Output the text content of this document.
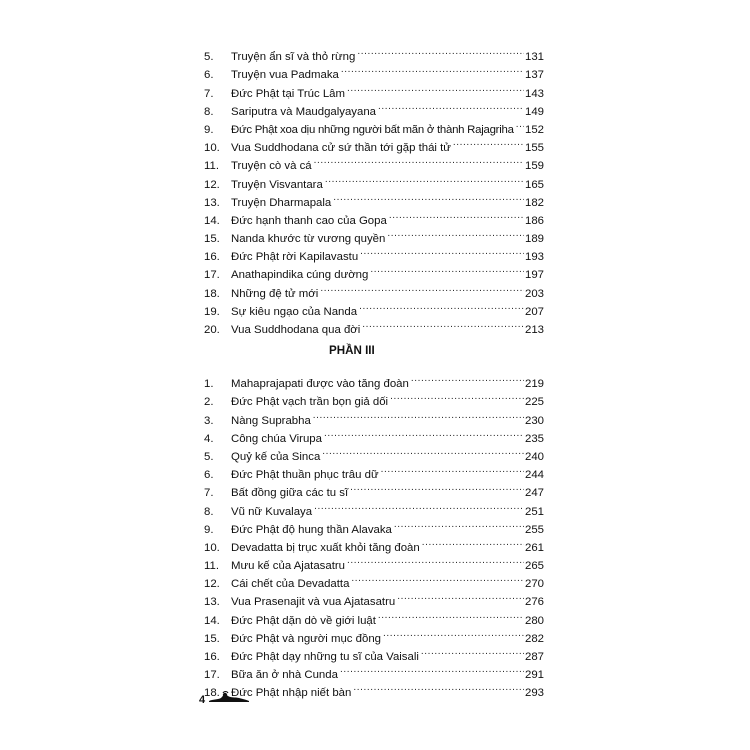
5.	Truyện ẩn sĩ và thỏ rừng .....	131
6.	Truyện vua Padmaka .....	137
7.	Đức Phật tại Trúc Lâm .....	143
8.	Sariputra và Maudgalyayana .....	149
9.	Đức Phật xoa dịu những người bất mãn ở thành Rajagriha ..... 152
10. Vua Suddhodana cử sứ thần tới gặp thái tử .....	155
11.	Truyện cò và cá .....	159
12. Truyện Visvantara .....	165
13. Truyện Dharmapala .....	182
14. Đức hạnh thanh cao của Gopa .....	186
15. Nanda khước từ vương quyền .....	189
16. Đức Phật rời Kapilavastu .....	193
17. Anathapindika cúng dường .....	197
18. Những đệ tử mới .....	203
19. Sự kiêu ngạo của Nanda .....	207
20. Vua Suddhodana qua đời .....	213
PHẦN III
1.	Mahaprajapati được vào tăng đoàn .....	219
2.	Đức Phật vạch trần bọn giả dối .....	225
3.	Nàng Suprabha .....	230
4.	Công chúa Virupa .....	235
5.	Quỷ kế của Sinca .....	240
6.	Đức Phật thuần phục trâu dữ .....	244
7.	Bất đồng giữa các tu sĩ .....	247
8.	Vũ nữ Kuvalaya .....	251
9.	Đức Phật độ hung thần Alavaka .....	255
10. Devadatta bị trục xuất khỏi tăng đoàn .....	261
11.	Mưu kế của Ajatasatru .....	265
12. Cái chết của Devadatta .....	270
13. Vua Prasenajit và vua Ajatasatru .....	276
14. Đức Phật dặn dò về giới luật .....	280
15. Đức Phật và người mục đồng .....	282
16. Đức Phật dạy những tu sĩ của Vaisali .....	287
17. Bữa ăn ở nhà Cunda .....	291
18. Đức Phật nhập niết bàn .....	293
4
